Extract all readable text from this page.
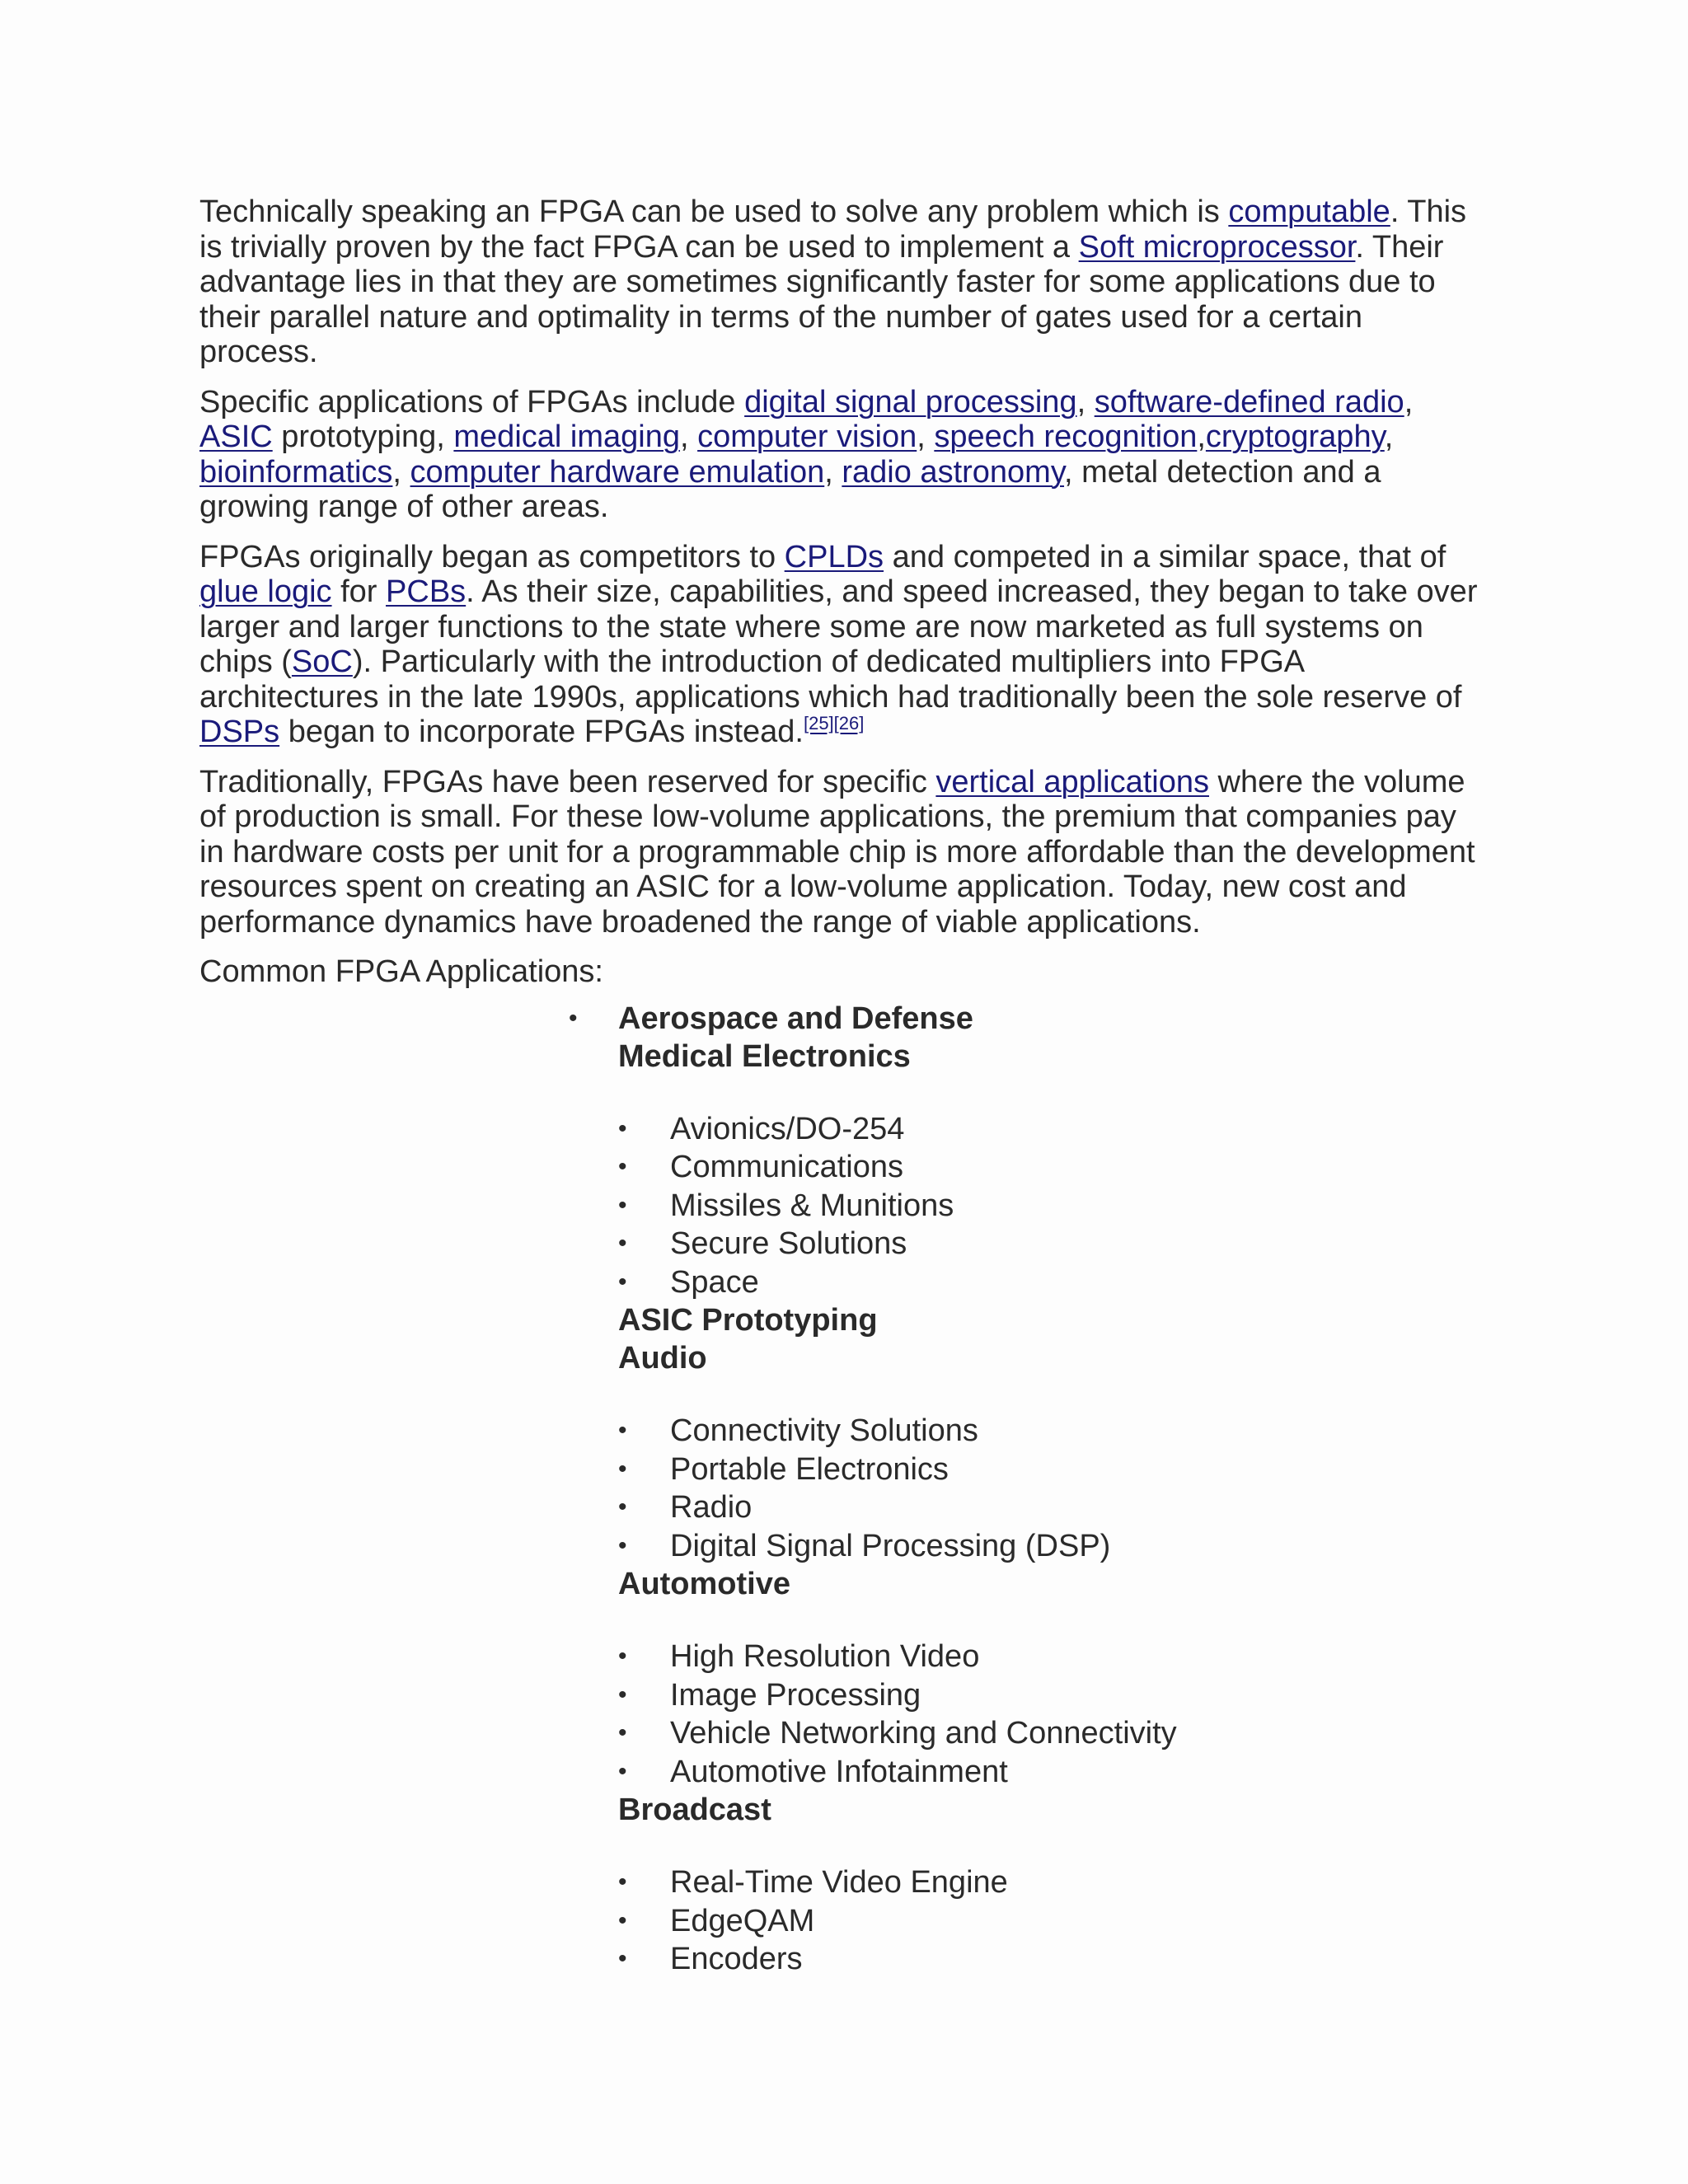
Technically speaking an FPGA can be used to solve any problem which is computable. This is trivially proven by the fact FPGA can be used to implement a Soft microprocessor. Their advantage lies in that they are sometimes significantly faster for some applications due to their parallel nature and optimality in terms of the number of gates used for a certain process.

Specific applications of FPGAs include digital signal processing, software-defined radio, ASIC prototyping, medical imaging, computer vision, speech recognition,cryptography, bioinformatics, computer hardware emulation, radio astronomy, metal detection and a growing range of other areas.

FPGAs originally began as competitors to CPLDs and competed in a similar space, that of glue logic for PCBs. As their size, capabilities, and speed increased, they began to take over larger and larger functions to the state where some are now marketed as full systems on chips (SoC). Particularly with the introduction of dedicated multipliers into FPGA architectures in the late 1990s, applications which had traditionally been the sole reserve of DSPs began to incorporate FPGAs instead.[25][26]

Traditionally, FPGAs have been reserved for specific vertical applications where the volume of production is small. For these low-volume applications, the premium that companies pay in hardware costs per unit for a programmable chip is more affordable than the development resources spent on creating an ASIC for a low-volume application. Today, new cost and performance dynamics have broadened the range of viable applications.

Common FPGA Applications:

• Aerospace and Defense
Medical Electronics
• Avionics/DO-254
• Communications
• Missiles & Munitions
• Secure Solutions
• Space
ASIC Prototyping
Audio
• Connectivity Solutions
• Portable Electronics
• Radio
• Digital Signal Processing (DSP)
Automotive
• High Resolution Video
• Image Processing
• Vehicle Networking and Connectivity
• Automotive Infotainment
Broadcast
• Real-Time Video Engine
• EdgeQAM
• Encoders
